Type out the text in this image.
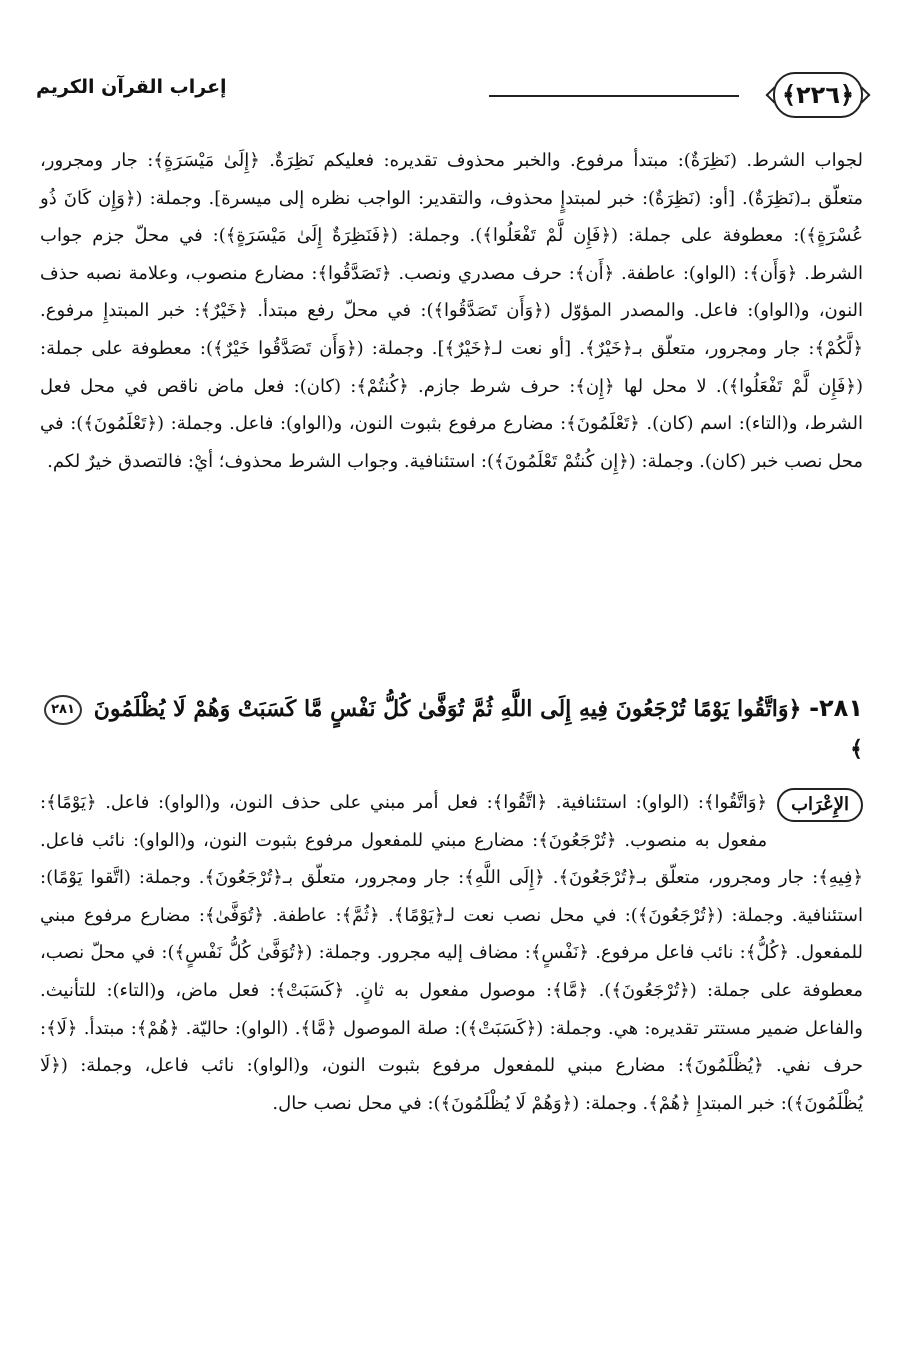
﴿٢٢٦﴾
إعراب القرآن الكريم

لجواب الشرط. (نَظِرَةٌ): مبتدأ مرفوع. والخبر محذوف تقديره: فعليكم نَظِرَةٌ. ﴿إِلَىٰ مَيْسَرَةٍ﴾: جار ومجرور، متعلّق بـ(نَظِرَةٌ). [أو: (نَظِرَةٌ): خبر لمبتدإٍ محذوف، والتقدير: الواجب نظره إلى ميسرة]. وجملة: (﴿وَإِن كَانَ ذُو عُسْرَةٍ﴾): معطوفة على جملة: (﴿فَإِن لَّمْ تَفْعَلُوا﴾). وجملة: (﴿فَنَظِرَةٌ إِلَىٰ مَيْسَرَةٍ﴾): في محلّ جزم جواب الشرط. ﴿وَأَن﴾: (الواو): عاطفة. ﴿أَن﴾: حرف مصدري ونصب. ﴿تَصَدَّقُوا﴾: مضارع منصوب، وعلامة نصبه حذف النون، و(الواو): فاعل. والمصدر المؤوّل (﴿وَأَن تَصَدَّقُوا﴾): في محلّ رفع مبتدأ. ﴿خَيْرٌ﴾: خبر المبتدإِ مرفوع. ﴿لَّكُمْ﴾: جار ومجرور، متعلّق بـ﴿خَيْرٌ﴾. [أو نعت لـ﴿خَيْرٌ﴾]. وجملة: (﴿وَأَن تَصَدَّقُوا خَيْرٌ﴾): معطوفة على جملة: (﴿فَإِن لَّمْ تَفْعَلُوا﴾). لا محل لها ﴿إِن﴾: حرف شرط جازم. ﴿كُنتُمْ﴾: (كان): فعل ماض ناقص في محل فعل الشرط، و(التاء): اسم (كان). ﴿تَعْلَمُونَ﴾: مضارع مرفوع بثبوت النون، و(الواو): فاعل. وجملة: (﴿تَعْلَمُونَ﴾): في محل نصب خبر (كان). وجملة: (﴿إِن كُنتُمْ تَعْلَمُونَ﴾): استئنافية. وجواب الشرط محذوف؛ أيْ: فالتصدق خيرٌ لكم.

٢٨١- ﴿وَاتَّقُوا يَوْمًا تُرْجَعُونَ فِيهِ إِلَى اللَّهِ ثُمَّ تُوَفَّىٰ كُلُّ نَفْسٍ مَّا كَسَبَتْ وَهُمْ لَا يُظْلَمُونَ ٢٨١ ﴾
الإِعْرَاب
﴿وَاتَّقُوا﴾: (الواو): استئنافية. ﴿اتَّقُوا﴾: فعل أمر مبني على حذف النون، و(الواو): فاعل. ﴿يَوْمًا﴾: مفعول به منصوب. ﴿تُرْجَعُونَ﴾: مضارع مبني للمفعول مرفوع بثبوت النون، و(الواو): نائب فاعل. ﴿فِيهِ﴾: جار ومجرور، متعلّق بـ﴿تُرْجَعُونَ﴾. ﴿إِلَى اللَّهِ﴾: جار ومجرور، متعلّق بـ﴿تُرْجَعُونَ﴾. وجملة: (اتَّقوا يَوْمًا): استئنافية. وجملة: (﴿تُرْجَعُونَ﴾): في محل نصب نعت لـ﴿يَوْمًا﴾. ﴿ثُمَّ﴾: عاطفة. ﴿تُوَفَّىٰ﴾: مضارع مرفوع مبني للمفعول. ﴿كُلُّ﴾: نائب فاعل مرفوع. ﴿نَفْسٍ﴾: مضاف إليه مجرور. وجملة: (﴿تُوَفَّىٰ كُلُّ نَفْسٍ﴾): في محلّ نصب، معطوفة على جملة: (﴿تُرْجَعُونَ﴾). ﴿مَّا﴾: موصول مفعول به ثانٍ. ﴿كَسَبَتْ﴾: فعل ماض، و(التاء): للتأنيث. والفاعل ضمير مستتر تقديره: هي. وجملة: (﴿كَسَبَتْ﴾): صلة الموصول ﴿مَّا﴾. (الواو): حاليّة. ﴿هُمْ﴾: مبتدأ. ﴿لَا﴾: حرف نفي. ﴿يُظْلَمُونَ﴾: مضارع مبني للمفعول مرفوع بثبوت النون، و(الواو): نائب فاعل، وجملة: (﴿لَا يُظْلَمُونَ﴾): خبر المبتدإِ ﴿هُمْ﴾. وجملة: (﴿وَهُمْ لَا يُظْلَمُونَ﴾): في محل نصب حال.
